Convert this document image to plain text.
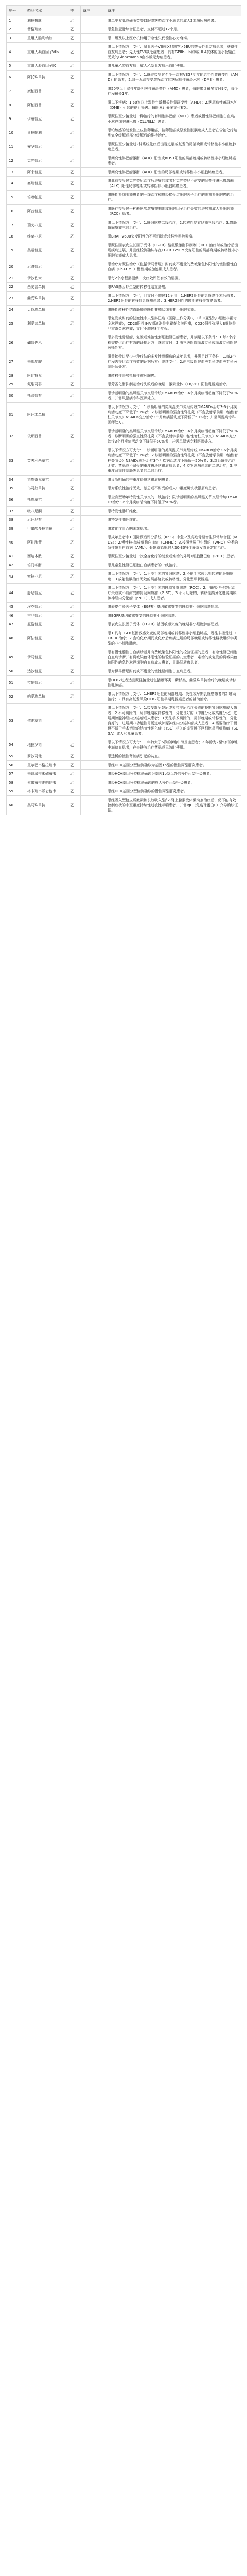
序号	药品名称	类	备注	备注
1	利拉鲁肽	乙		限二甲双胍或磺脲类等口服降糖药治疗不满意的成人2型糖尿病患者。
2	替格瑞洛	乙		限急性冠脉综合征患者，支付不超过12个月。
3	重组人脑利钠肽	乙		限二级及以上医疗机构用于急性失代偿性心力衰竭。
4	重组人凝血因子Ⅶa	乙		限以下情况方可支付：凝血因子Ⅷ或Ⅸ抑制物>5BU的先天性血友病患者；获得性血友病患者；先天性FⅦ缺乏症患者；具有GPIIb-IIIa和/或HLA抗体的血小板输注无效的Glanzmann's血小板无力症患者。
5	重组人凝血因子Ⅸ	乙		限儿童乙型血友病；成人乙型血友病出血时使用。
6	阿托珠单抗	乙		限以下情况方可支付：1.既往接受过至少一次抗VEGF治疗的老年性黄斑变性（AMD）的患者；2.对于无法接受激光治疗的糖尿病性黄斑水肿（DME）患者。
7	康柏西普	乙		限50岁以上湿性年龄相关性黄斑变性（AMD）患者，每眼累计最多支付9支，每个疗程最长1年。
8	阿柏西普	乙		限以下疾病：1.50岁以上湿性年龄相关性黄斑变性（AMD）；2.糖尿病性黄斑水肿（DME）引起的视力损害。每眼累计最多支付8支。
9	伊布替尼	乙		限既往至少接受过一种治疗的套细胞淋巴瘤（MCL）患者或慢性淋巴细胞白血病/小淋巴细胞淋巴瘤（CLL/SLL）患者。
10	奥拉帕利	乙		限铂敏感的复发性上皮性卵巢癌、输卵管癌或原发性腹膜癌成人患者在含铂化疗达到完全缓解或部分缓解后的维持治疗。
11	安罗替尼	乙		限既往至少接受过2种系统化疗后出现进展或复发的局部晚期或转移性非小细胞肺癌患者。
12	克唑替尼	乙		限间变性淋巴瘤激酶（ALK）阳性或ROS1阳性的局部晚期或转移性非小细胞肺癌患者。
13	阿来替尼	乙		限间变性淋巴瘤激酶（ALK）阳性的局部晚期或转移性非小细胞肺癌患者。
14	塞瑞替尼	乙		限此前接受过克唑替尼治疗后进展的或者对克唑替尼不耐受的间变性淋巴瘤激酶（ALK）阳性局部晚期或转移性非小细胞肺癌患者。
15	培唑帕尼	乙		限晚期肾细胞癌患者的一线治疗和曾经接受过细胞因子治疗的晚期肾细胞癌的治疗。
16	阿昔替尼	乙		限既往接受过一种酪氨酸激酶抑制剂或细胞因子治疗失败的进展期成人肾细胞癌（RCC）患者。
17	瑞戈非尼	乙		限以下情况方可支付：1.肝细胞癌二线治疗；2.转移性结直肠癌三线治疗；3.胃肠道间质瘤三线治疗。
18	维莫非尼	乙		限BRAF V600突变阳性的不可切除或转移性黑色素瘤。
19	奥希替尼	乙		限既往因表皮生长因子受体（EGFR）酪氨酸激酶抑制剂（TKI）治疗时或治疗后出现疾病进展，并且经检测确认存在EGFR T790M突变阳性的局部晚期或转移性非小细胞肺癌成人患者。
20	尼洛替尼	乙		限治疗对既往治疗（包括伊马替尼）耐药或不耐受的费城染色体阳性的慢性髓性白血病（Ph+CML）慢性期或加速期成人患者。
21	伊沙佐米	乙		限每2个疗程需提供一次疗效评估有效的证据。
22	西妥昔单抗	乙		限RAS基因野生型的转移性结直肠癌。
23	曲妥珠单抗	乙		限以下情况方可支付，且支付不超过12个月：1.HER2阳性的乳腺癌手术后患者；2.HER2阳性的转移性乳腺癌患者；3.HER2阳性的晚期转移性胃癌患者。
24	贝伐珠单抗	乙		限晚期转移性结直肠癌或晚期非鳞状细胞非小细胞肺癌。
25	利妥昔单抗	乙		限复发或耐药的滤泡性中央型淋巴瘤（国际工作分类B、C和D亚型的B细胞非霍奇金淋巴瘤），CD20阳性Ⅲ-Ⅳ期滤泡性非霍奇金淋巴瘤，CD20阳性弥漫大B细胞性非霍奇金淋巴瘤；支付不超过8个疗程。
26	硼替佐米	乙		限多发性骨髓瘤、复发或难治性套细胞淋巴瘤患者，并满足以下条件：1.每2个疗程需提供治疗有效的证据后方可继续支付；2.由三级医院血液专科或血液专科医院医师处方。
27	来那度胺	乙		限曾接受过至少一种疗法的多发性骨髓瘤的成年患者，并满足以下条件：1.每2个疗程需提供治疗有效的证据后方可继续支付；2.由三级医院血液专科或血液专科医院医师处方。
28	阿比特龙	乙		限转移性去势抵抗性前列腺癌。
29	氟维司群	乙		限芳香化酶抑制剂治疗失败后的晚期、激素受体（ER/PR）阳性乳腺癌治疗。
30	托法替布	乙		限诊断明确的类风湿关节炎经传统DMARDs治疗3-6个月疾病活动度下降低于50%者，并需风湿病专科医师处方。
31	阿达木单抗	乙		限以下情况方可支付：1.诊断明确的类风湿关节炎经传统DMARDs治疗3-6个月疾病活动度下降低于50%者；2.诊断明确的强直性脊柱炎（不含放射学前期中轴性脊柱关节炎）NSAIDs充分治疗3个月疾病活动度下降低于50%者；并需风湿病专科医师处方。
32	依那西普	乙		限诊断明确的类风湿关节炎经传统DMARDs治疗3-6个月疾病活动度下降低于50%者；诊断明确的强直性脊柱炎（不含放射学前期中轴性脊柱关节炎）NSAIDs充分治疗3个月疾病活动度下降低于50%者；并需风湿病专科医师处方。
33	英夫利西单抗	乙		限以下情况方可支付：1.诊断明确的类风湿关节炎经传统DMARDs治疗3-6个月疾病活动度下降低于50%者；2.诊断明确的强直性脊柱炎（不含放射学前期中轴性脊柱关节炎）NSAIDs充分治疗3个月疾病活动度下降低于50%者；3.对系统性治疗无效、禁忌或不耐受的重度斑块状银屑病患者；4.克罗恩病患者的二线治疗；5.中重度溃疡性结肠炎患者的二线治疗。
34	司库奇尤单抗	乙		限诊断明确的中重度斑块状银屑病患者。
35	乌司奴单抗	乙		限对系统性治疗无效、禁忌或不耐受的成人中重度斑块状银屑病患者。
36	托珠单抗	乙		限全身型幼年特发性关节炎的二线治疗；限诊断明确的类风湿关节炎经传统DMARDs治疗3-6个月疾病活动度下降低于50%者。
37	吡非尼酮	乙		限特发性肺纤维化。
38	尼达尼布	乙		限特发性肺纤维化。
39	甲磺酸多拉司琼	乙		限放化疗且吞咽困难患者。
40	阿扎胞苷	乙		限成年患者中1.国际预后评分系统（IPSS）中危-2及高危骨髓增生异常综合征（MDS）；2.慢性粒-单核细胞白血病（CMML）；3.按照世界卫生组织（WHO）分类的急性髓系白血病（AML）、骨髓原始细胞为20-30%伴多系发育异常的治疗。
41	西达本胺	乙		限既往至少接受过一次全身化疗的复发或难治的外周T细胞淋巴瘤（PTCL）患者。
42	培门冬酶	乙		限儿童急性淋巴细胞白血病患者的一线治疗。
43	索拉非尼	乙		限以下情况方可支付：1.不能手术的肾细胞癌；2.不能手术或远处转移的肝细胞癌；3.放射性碘治疗无效的局部复发或转移性、分化型甲状腺癌。
44	舒尼替尼	乙		限以下情况方可支付：1.不能手术的晚期肾细胞癌（RCC）；2.甲磺酸伊马替尼治疗失败或不能耐受的胃肠间质瘤（GIST）；3.不可切除的，转移性高分化进展期胰腺神经内分泌瘤（pNET）成人患者。
45	埃克替尼	乙		限表皮生长因子受体（EGFR）基因敏感突变的晚期非小细胞肺癌患者。
46	吉非替尼	乙		限EGFR基因敏感突变的晚期非小细胞肺癌。
47	厄洛替尼	乙		限表皮生长因子受体（EGFR）基因敏感突变的晚期非小细胞肺癌患者。
48	阿法替尼	乙		限1.具有EGFR基因敏感突变的局部晚期或转移性非小细胞肺癌，既往未接受过EGFR-TKI治疗；2.含铂化疗期间或化疗后疾病进展的局部晚期或转移性鳞状组织学类型的非小细胞肺癌。
49	伊马替尼	乙		限有慢性髓性白血病诊断并有费城染色体阳性的检验证据的患者；有急性淋巴细胞白血病诊断并有费城染色体阳性的检验证据的儿童患者；难治的或复发的费城染色体阳性的急性淋巴细胞白血病成人患者；胃肠间质瘤患者。
50	达沙替尼	乙		限对伊马替尼耐药或不耐受的慢性髓细胞白血病患者。
51	拉帕替尼	乙		限HER2过表达且既往接受过包括蒽环类、紫杉类、曲妥珠单抗治疗的晚期或转移性乳腺癌。
52	帕妥珠单抗	乙		限以下情况方可支付：1.HER2阳性的局部晚期、炎性或早期乳腺癌患者的新辅助治疗；2.具有高复发风险HER2阳性早期乳腺癌患者的辅助治疗。
53	依维莫司	乙		限以下情况方可支付：1.接受舒尼替尼或索拉非尼治疗失败的晚期肾细胞癌成人患者；2.不可切除的、局部晚期或转移性的、分化良好的（中度分化或高度分化）进展期胰腺神经内分泌瘤成人患者；3.无法手术切除的、局部晚期或转移性的、分化良好的、进展期非功能性胃肠道或肺源神经内分泌肿瘤成人患者；4.需要治疗干预但不适于手术切除的结节性硬化症（TSC）相关的室管膜下巨细胞星形细胞瘤（SEGA）成人和儿童患者。
54	地拉罗司	乙		限以下情况方可支付：1.年龄大于6岁的β地中海贫血患者；2.年龄为2至5岁的β地中海贫血患者，在去铁胺治疗禁忌或无效时使用。
55	罗沙司他	乙		限透析的慢性肾脏病引起的贫血。
56	艾尔巴韦格拉瑞韦	乙		限经HCV基因分型检测确诊为基因1b型的慢性丙型肝炎患者。
57	来迪派韦索磷布韦	乙		限经HCV基因分型检测确诊为基因1b型以外的慢性丙型肝炎患者。
58	索磷布韦维帕他韦	乙		限经HCV基因分型检测确诊的成人慢性丙型肝炎患者。
59	格卡瑞韦哌仑他韦	乙		限经HCV基因分型检测确诊的慢性丙型肝炎患者。
60	奥马珠单抗	乙		限经吸入型糖皮质激素和长效吸入型β2-肾上腺素受体激动剂治疗后，仍不能有效控制症状的中至重度持续性过敏性哮喘患者，并需IgE（免疫球蛋白E）介导确诊证据。
